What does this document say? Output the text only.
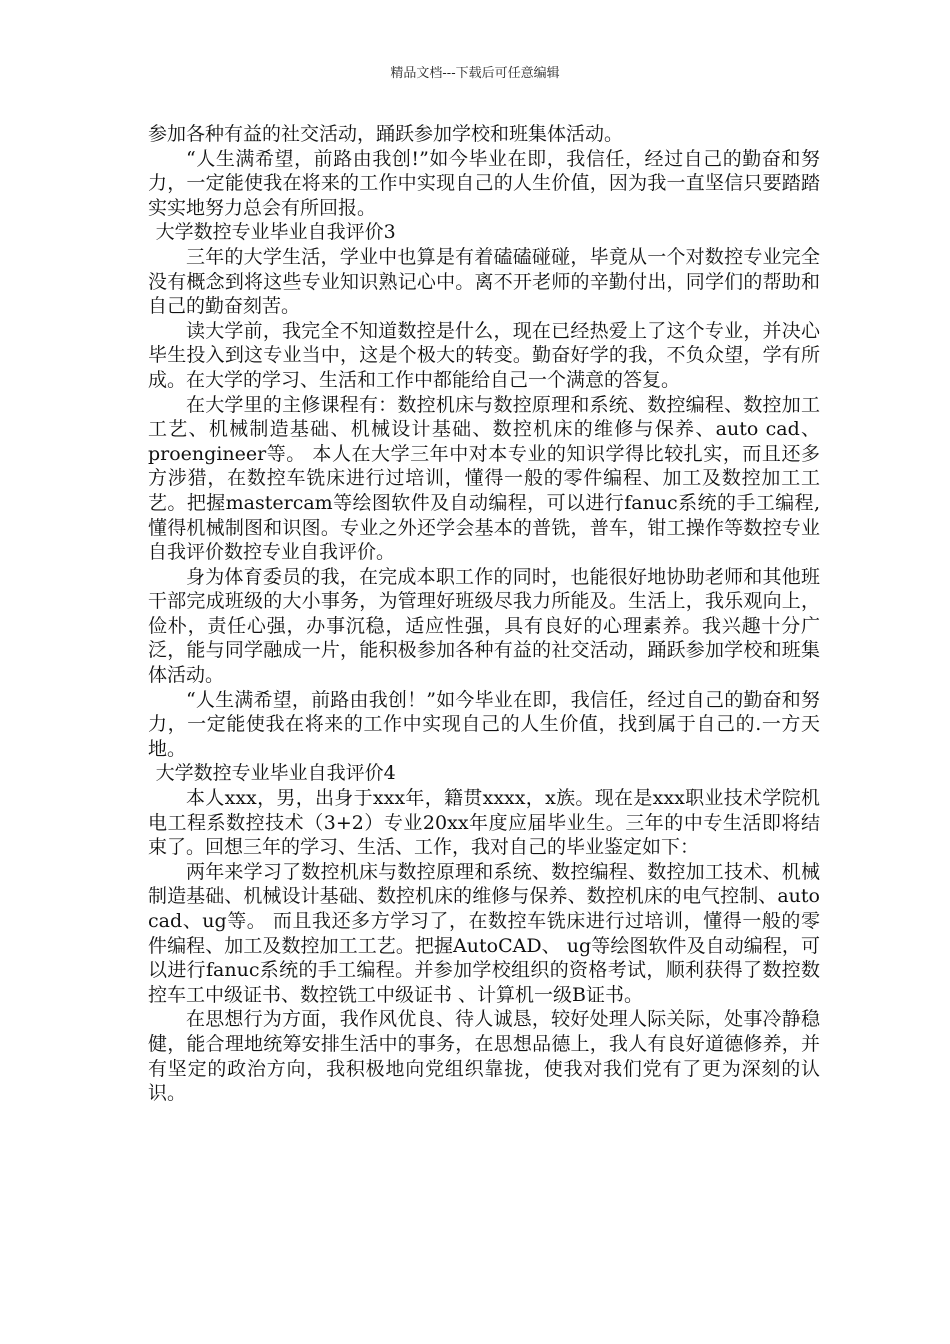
精品文档---下载后可任意编辑

参加各种有益的社交活动，踊跃参加学校和班集体活动。

“人生满希望，前路由我创!”如今毕业在即，我信任，经过自己的勤奋和努力，一定能使我在将来的工作中实现自己的人生价值，因为我一直坚信只要踏踏实实地努力总会有所回报。

大学数控专业毕业自我评价3

三年的大学生活，学业中也算是有着磕磕碰碰，毕竟从一个对数控专业完全没有概念到将这些专业知识熟记心中。离不开老师的辛勤付出，同学们的帮助和自己的勤奋刻苦。

读大学前，我完全不知道数控是什么，现在已经热爱上了这个专业，并决心毕生投入到这专业当中，这是个极大的转变。勤奋好学的我，不负众望，学有所成。在大学的学习、生活和工作中都能给自己一个满意的答复。

在大学里的主修课程有：数控机床与数控原理和系统、数控编程、数控加工工艺、机械制造基础、机械设计基础、数控机床的维修与保养、auto cad、proengineer等。 本人在大学三年中对本专业的知识学得比较扎实，而且还多方涉猎，在数控车铣床进行过培训，懂得一般的零件编程、加工及数控加工工艺。把握mastercam等绘图软件及自动编程，可以进行fanuc系统的手工编程,懂得机械制图和识图。专业之外还学会基本的普铣，普车，钳工操作等数控专业自我评价数控专业自我评价。

身为体育委员的我，在完成本职工作的同时，也能很好地协助老师和其他班干部完成班级的大小事务，为管理好班级尽我力所能及。生活上，我乐观向上，俭朴，责任心强，办事沉稳，适应性强，具有良好的心理素养。我兴趣十分广泛，能与同学融成一片，能积极参加各种有益的社交活动，踊跃参加学校和班集体活动。

“人生满希望，前路由我创！”如今毕业在即，我信任，经过自己的勤奋和努力，一定能使我在将来的工作中实现自己的人生价值，找到属于自己的.一方天地。

大学数控专业毕业自我评价4

本人xxx，男，出身于xxx年，籍贯xxxx，x族。现在是xxx职业技术学院机电工程系数控技术（3+2）专业20xx年度应届毕业生。三年的中专生活即将结束了。回想三年的学习、生活、工作，我对自己的毕业鉴定如下：

两年来学习了数控机床与数控原理和系统、数控编程、数控加工技术、机械制造基础、机械设计基础、数控机床的维修与保养、数控机床的电气控制、auto cad、ug等。 而且我还多方学习了，在数控车铣床进行过培训，懂得一般的零件编程、加工及数控加工工艺。把握AutoCAD、 ug等绘图软件及自动编程，可以进行fanuc系统的手工编程。并参加学校组织的资格考试，顺利获得了数控数控车工中级证书、数控铣工中级证书 、计算机一级B证书。

在思想行为方面，我作风优良、待人诚恳，较好处理人际关际，处事冷静稳健，能合理地统筹安排生活中的事务，在思想品德上，我人有良好道德修养，并有坚定的政治方向，我积极地向党组织靠拢，使我对我们党有了更为深刻的认识。
